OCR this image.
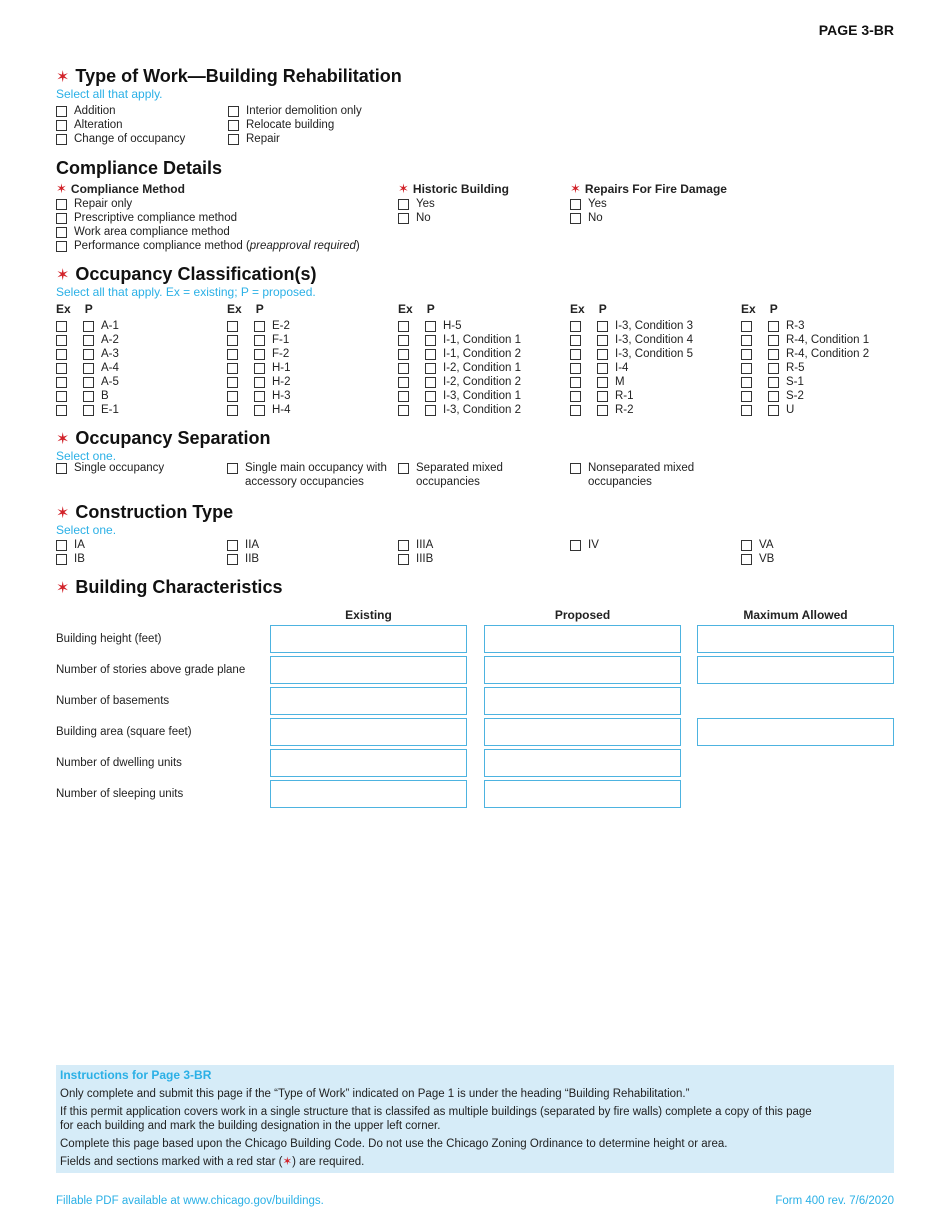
PAGE 3-BR
✶ Type of Work—Building Rehabilitation
Select all that apply.
Addition
Alteration
Change of occupancy
Interior demolition only
Relocate building
Repair
Compliance Details
✶ Compliance Method
Repair only
Prescriptive compliance method
Work area compliance method
Performance compliance method ( preapproval required )
✶ Historic Building
Yes
No
✶ Repairs For Fire Damage
Yes
No
✶ Occupancy Classification(s)
Select all that apply. Ex = existing; P = proposed.
Ex P
A-1
A-2
A-3
A-4
A-5
B
E-1
Ex P
E-2
F-1
F-2
H-1
H-2
H-3
H-4
Ex P
H-5
I-1, Condition 1
I-1, Condition 2
I-2, Condition 1
I-2, Condition 2
I-3, Condition 1
I-3, Condition 2
Ex P
I-3, Condition 3
I-3, Condition 4
I-3, Condition 5
I-4
M
R-1
R-2
Ex P
R-3
R-4, Condition 1
R-4, Condition 2
R-5
S-1
S-2
U
✶ Occupancy Separation
Select one.
Single occupancy	Single main occupancy with
accessory occupancies
Separated mixed
occupancies
Nonseparated mixed
occupancies
✶ Construction Type
Select one.
IA
IB
IIA
IIB
IIIA
IIIB
IV	VA
VB
✶ Building Characteristics
Existing	Proposed	Maximum Allowed
Building height (feet)
Number of stories above grade plane
Number of basements
Building area (square feet)
Number of dwelling units
Number of sleeping units

Instructions for Page 3-BR

Only complete and submit this page if the “Type of Work” indicated on Page 1 is under the heading “Building Rehabilitation.”

If this permit application covers work in a single structure that is classifed as multiple buildings (separated by fire walls) complete a copy of this page
for each building and mark the building designation in the upper left corner.

Complete this page based upon the Chicago Building Code. Do not use the Chicago Zoning Ordinance to determine height or area.

Fields and sections marked with a red star (✶) are required.

Fillable PDF available at www.chicago.gov/buildings.	Form 400 rev. 7/6/2020
